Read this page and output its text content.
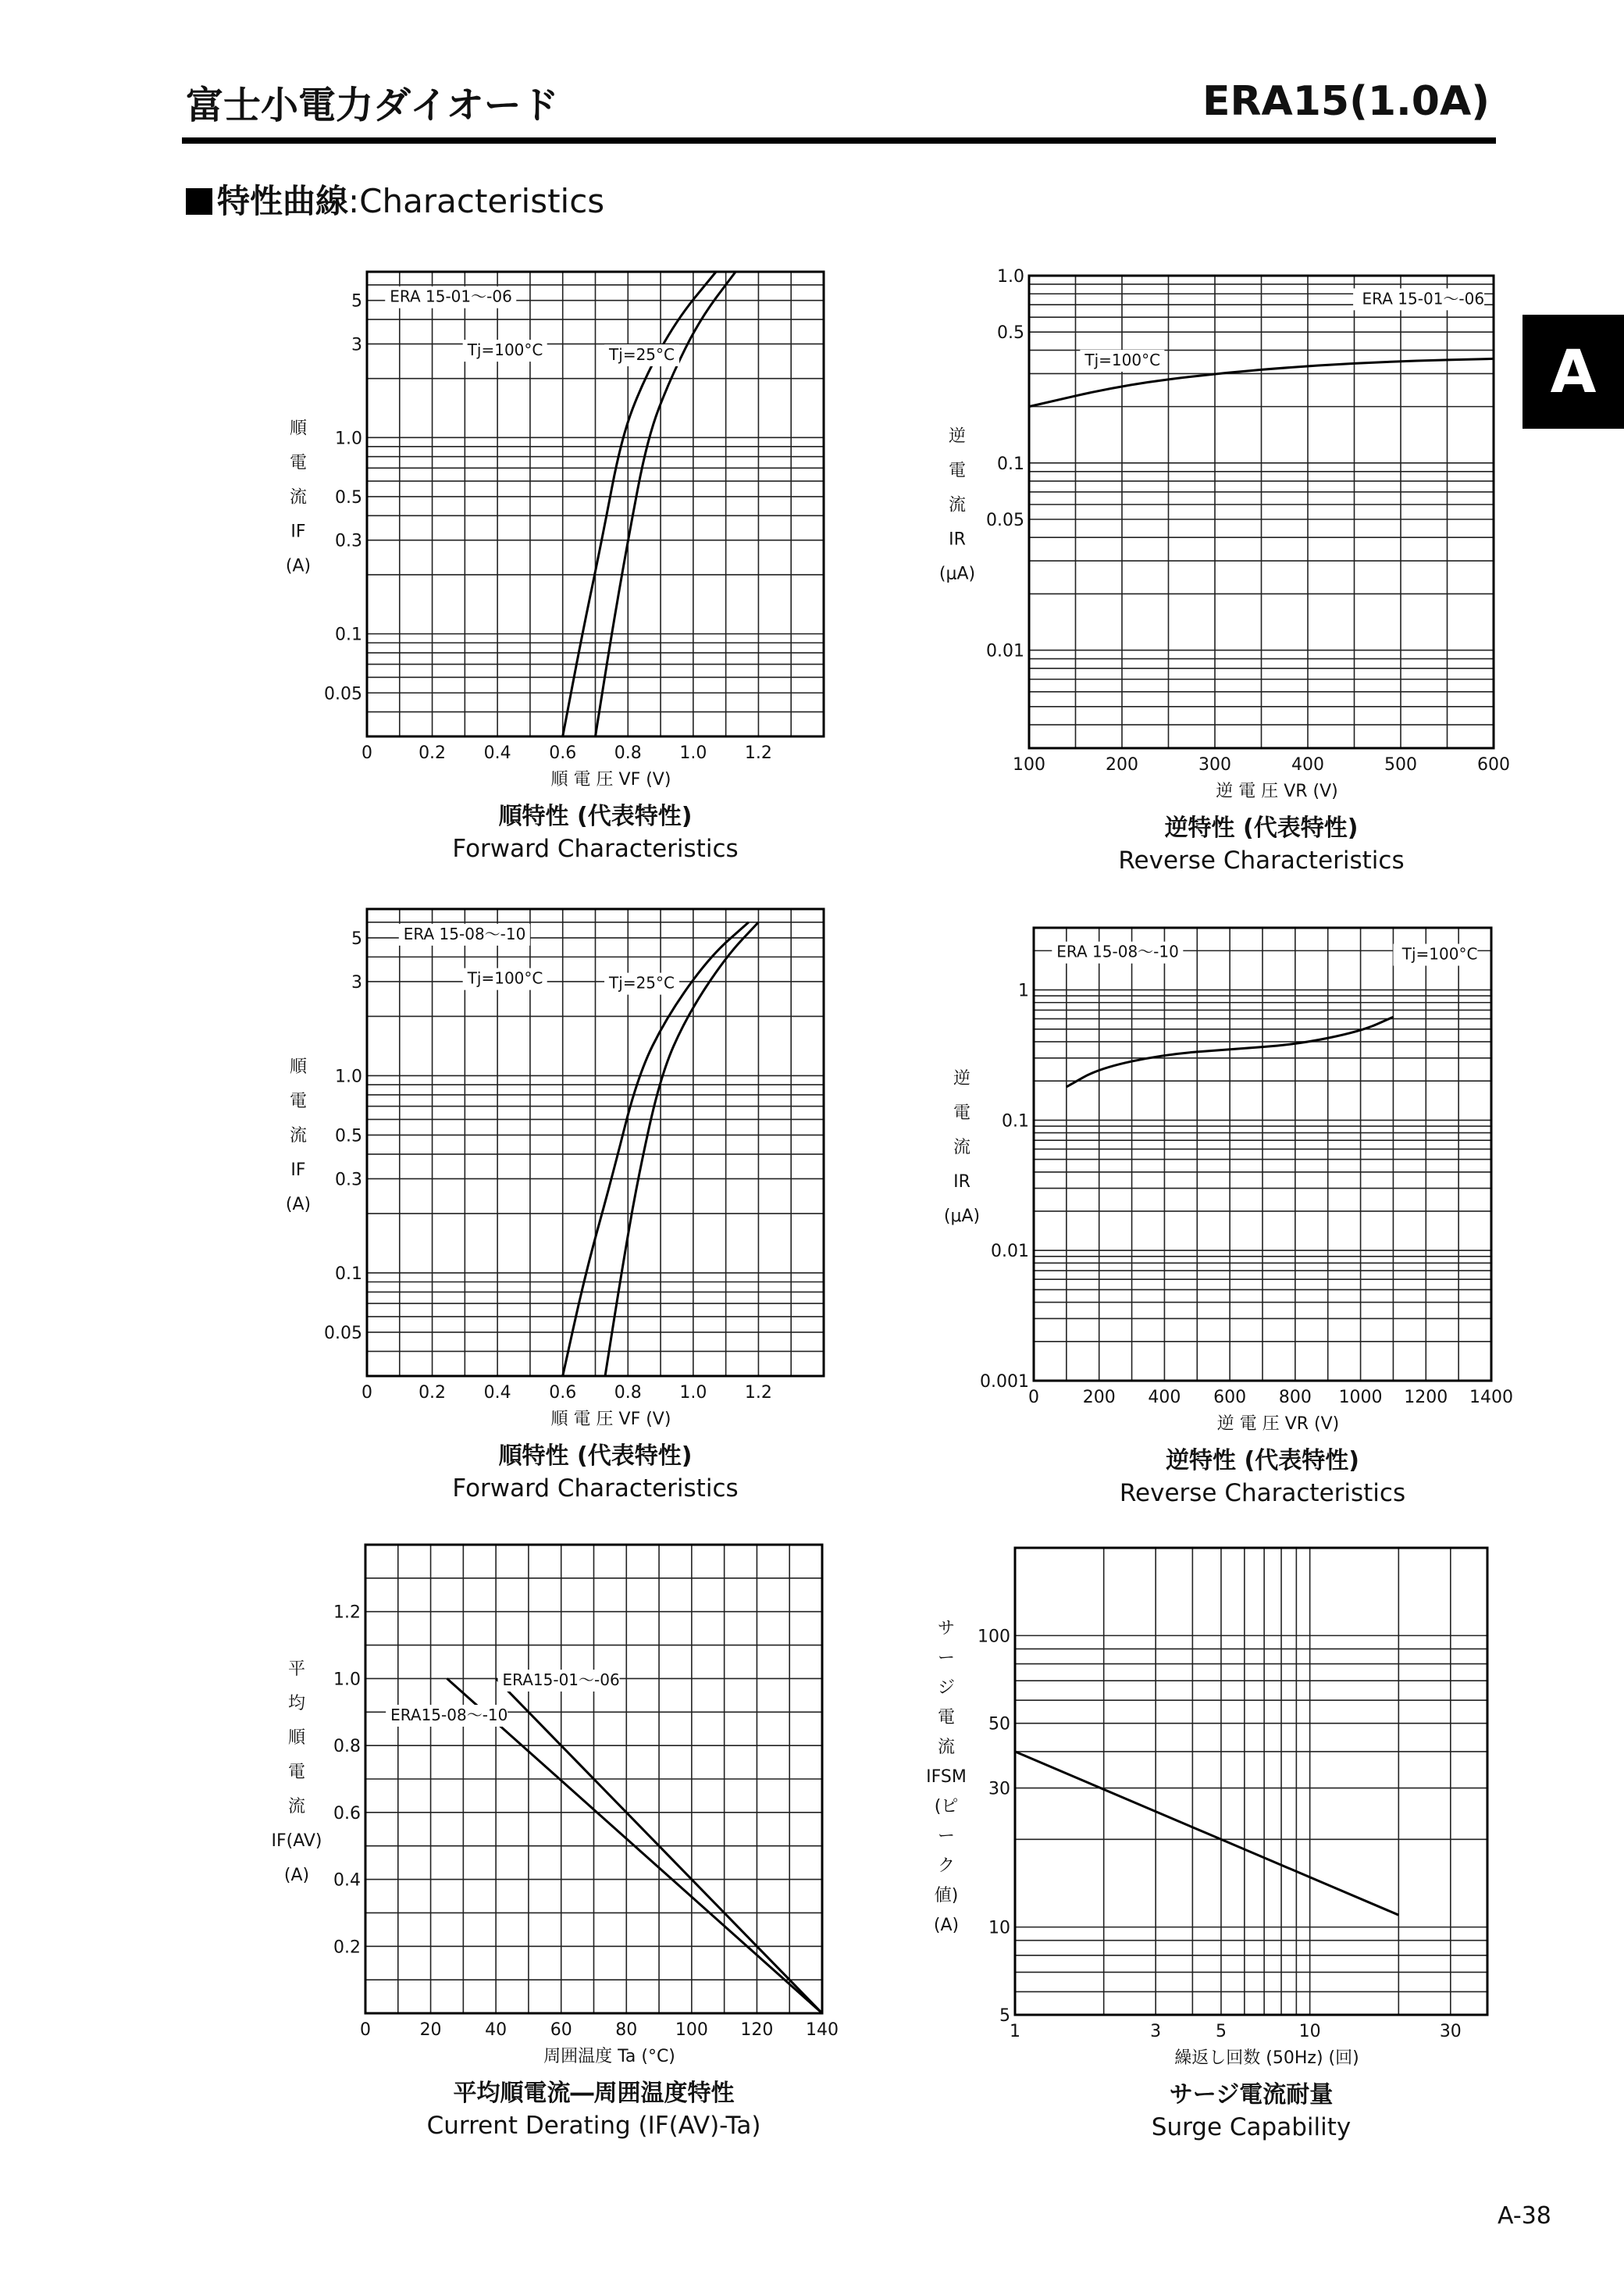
富士小電力ダイオード	ERA15(1.0A)
特性曲線:Characteristics
A
0	0.2 0.4 0.6 0.8 1.0 1.2
0.05
0.1
0.3
0.5
1.0
3
5
順 電 圧 VF (V)
順
電
流
IF
(A)
順特性 (代表特性)
Forward Characteristics
ERA 15-01～-06
Tj=100°C	Tj=25°C
100	200	300	400	500	600
0.01
0.05
0.1
0.5
1.0
逆 電 圧 VR (V)
逆
電
流
IR
(μA)
逆特性 (代表特性)
Reverse Characteristics
ERA 15-01～-06
Tj=100°C
0	0.2 0.4 0.6 0.8 1.0 1.2
0.05
0.1
0.3
0.5
1.0
3
5
順 電 圧 VF (V)
順
電
流
IF
(A)
順特性 (代表特性)
Forward Characteristics
ERA 15-08～-10
Tj=100°C	Tj=25°C
0	200 400 600 800 1000 1200 1400
0.001
0.01
0.1
1
逆 電 圧 VR (V)
逆
電
流
IR
(μA)
逆特性 (代表特性)
Reverse Characteristics
ERA 15-08～-10	Tj=100°C
0	20	40	60	80 100 120 140
0.2
0.4
0.6
0.8
1.0
1.2
周囲温度 Ta (°C)
平
均
順
電
流
IF(AV)
(A)
平均順電流―周囲温度特性
Current Derating (IF(AV)-Ta)
ERA15-01～-06
ERA15-08～-10
1	3	5	10	30
5
10
30
50
100
繰返し回数 (50Hz) (回)
サ
ー
ジ
電
流
IFSM
(ピ
ー
ク
値)
(A)
サージ電流耐量
Surge Capability
A-38
